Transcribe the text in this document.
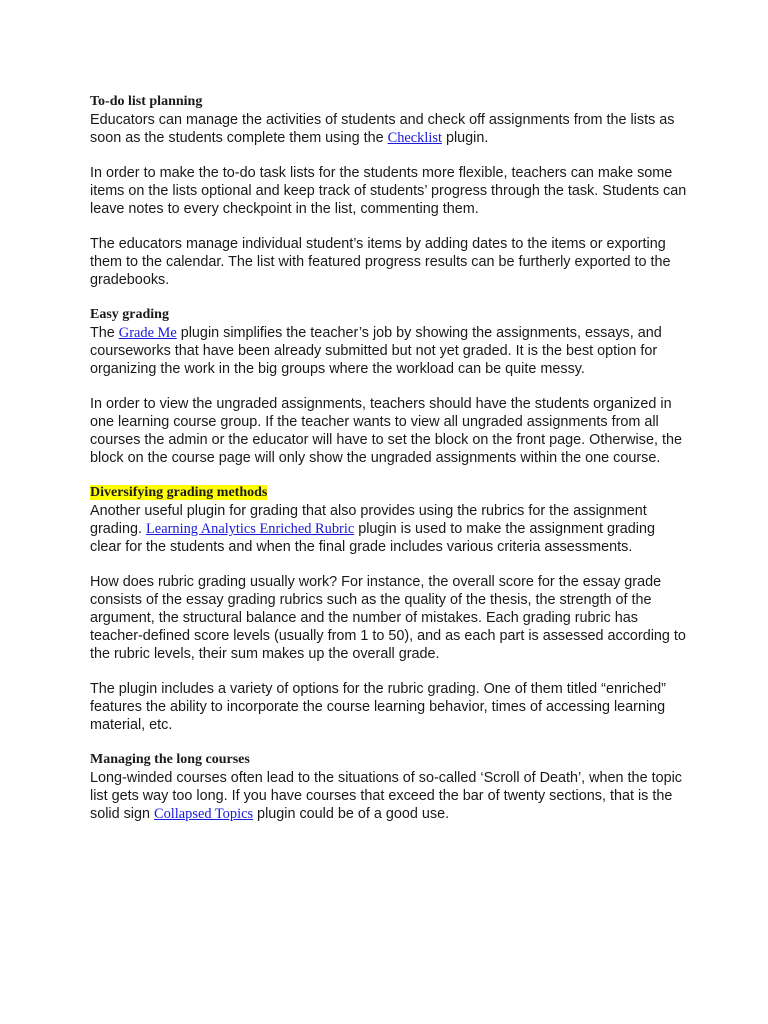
To-do list planning

Educators can manage the activities of students and check off assignments from the lists as soon as the students complete them using the Checklist plugin.

In order to make the to-do task lists for the students more flexible, teachers can make some items on the lists optional and keep track of students’ progress through the task. Students can leave notes to every checkpoint in the list, commenting them.

The educators manage individual student’s items by adding dates to the items or exporting them to the calendar. The list with featured progress results can be furtherly exported to the gradebooks.

Easy grading

The Grade Me plugin simplifies the teacher’s job by showing the assignments, essays, and courseworks that have been already submitted but not yet graded. It is the best option for organizing the work in the big groups where the workload can be quite messy.

In order to view the ungraded assignments, teachers should have the students organized in one learning course group. If the teacher wants to view all ungraded assignments from all courses the admin or the educator will have to set the block on the front page. Otherwise, the block on the course page will only show the ungraded assignments within the one course.

Diversifying grading methods

Another useful plugin for grading that also provides using the rubrics for the assignment grading. Learning Analytics Enriched Rubric plugin is used to make the assignment grading clear for the students and when the final grade includes various criteria assessments.

How does rubric grading usually work? For instance, the overall score for the essay grade consists of the essay grading rubrics such as the quality of the thesis, the strength of the argument, the structural balance and the number of mistakes. Each grading rubric has teacher-defined score levels (usually from 1 to 50), and as each part is assessed according to the rubric levels, their sum makes up the overall grade.

The plugin includes a variety of options for the rubric grading. One of them titled “enriched” features the ability to incorporate the course learning behavior, times of accessing learning material, etc.

Managing the long courses

Long-winded courses often lead to the situations of so-called ‘Scroll of Death’, when the topic list gets way too long. If you have courses that exceed the bar of twenty sections, that is the solid sign Collapsed Topics plugin could be of a good use.
